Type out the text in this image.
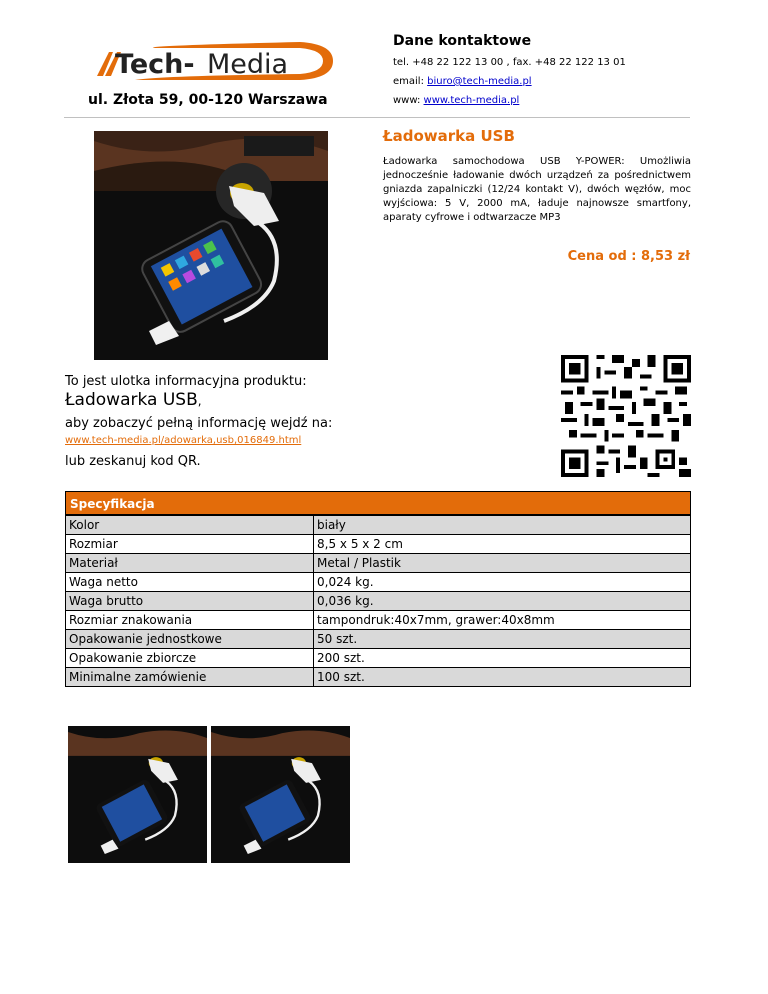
Tech- Media
ul. Złota 59, 00-120 Warszawa
Dane kontaktowe
tel. +48 22 122 13 00 , fax. +48 22 122 13 01
email: biuro@tech-media.pl
www: www.tech-media.pl
Ładowarka USB
Ładowarka samochodowa USB Y-POWER: Umożliwia jednocześnie ładowanie dwóch urządzeń za pośrednictwem gniazda zapalniczki (12/24 kontakt V), dwóch węzłów, moc wyjściowa: 5 V, 2000 mA, ładuje najnowsze smartfony, aparaty cyfrowe i odtwarzacze MP3
Cena od : 8,53 zł
To jest ulotka informacyjna produktu:
Ładowarka USB,
aby zobaczyć pełną informację wejdź na:
www.tech-media.pl/adowarka,usb,016849.html
lub zeskanuj kod QR.
Specyfikacja
Kolor	biały
Rozmiar	8,5 x 5 x 2 cm
Materiał	Metal / Plastik
Waga netto	0,024 kg.
Waga brutto	0,036 kg.
Rozmiar znakowania	tampondruk:40x7mm, grawer:40x8mm
Opakowanie jednostkowe	50 szt.
Opakowanie zbiorcze	200 szt.
Minimalne zamówienie	100 szt.
